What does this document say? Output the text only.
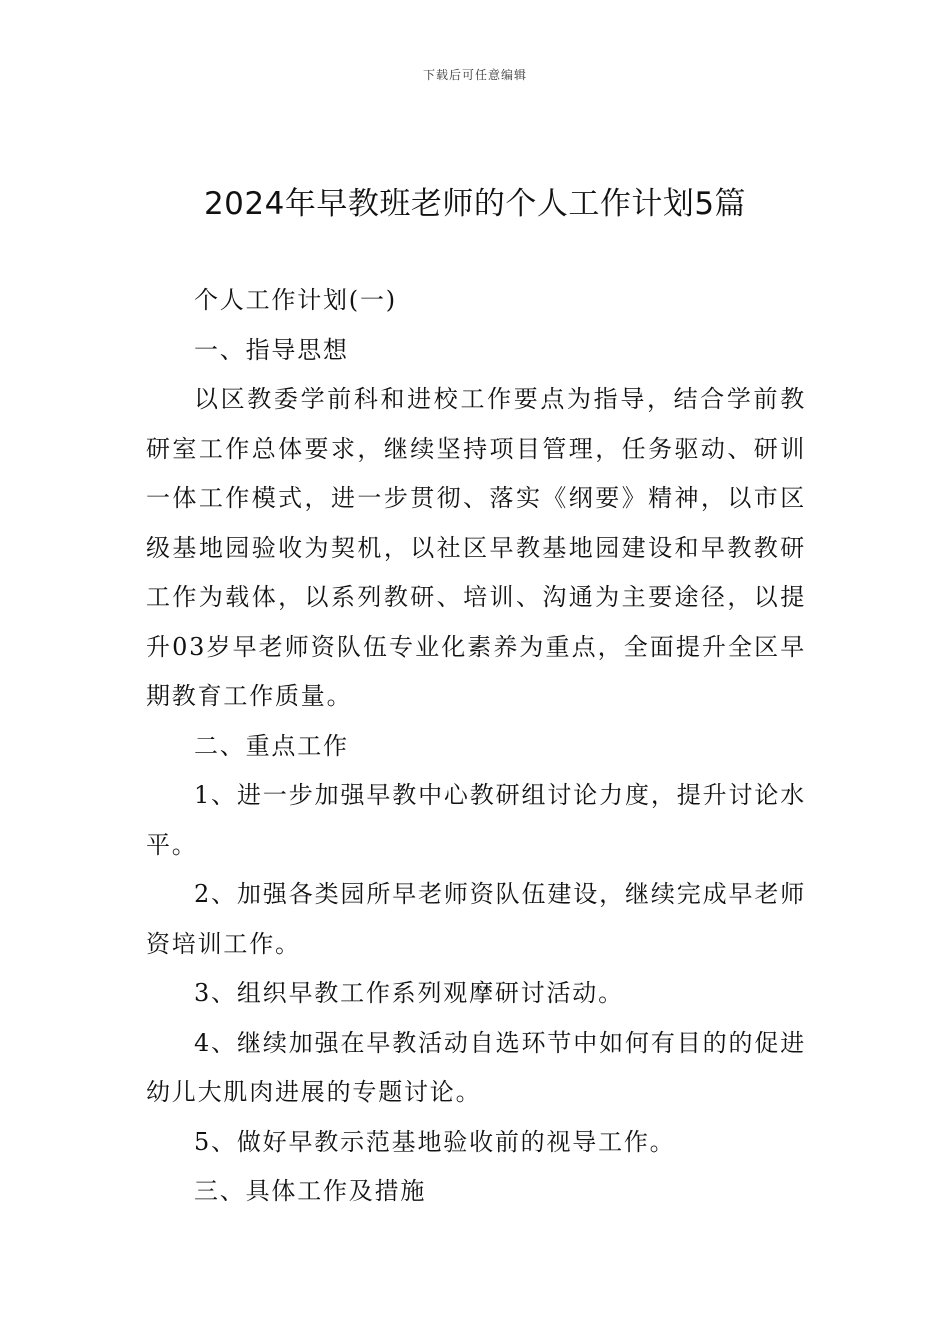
下载后可任意编辑
2024年早教班老师的个人工作计划5篇

个人工作计划(一)

一、指导思想

以区教委学前科和进校工作要点为指导，结合学前教研室工作总体要求，继续坚持项目管理，任务驱动、研训一体工作模式，进一步贯彻、落实《纲要》精神，以市区级基地园验收为契机，以社区早教基地园建设和早教教研工作为载体，以系列教研、培训、沟通为主要途径，以提升03岁早老师资队伍专业化素养为重点，全面提升全区早期教育工作质量。

二、重点工作

1、进一步加强早教中心教研组讨论力度，提升讨论水平。

2、加强各类园所早老师资队伍建设，继续完成早老师资培训工作。

3、组织早教工作系列观摩研讨活动。

4、继续加强在早教活动自选环节中如何有目的的促进幼儿大肌肉进展的专题讨论。

5、做好早教示范基地验收前的视导工作。

三、具体工作及措施
